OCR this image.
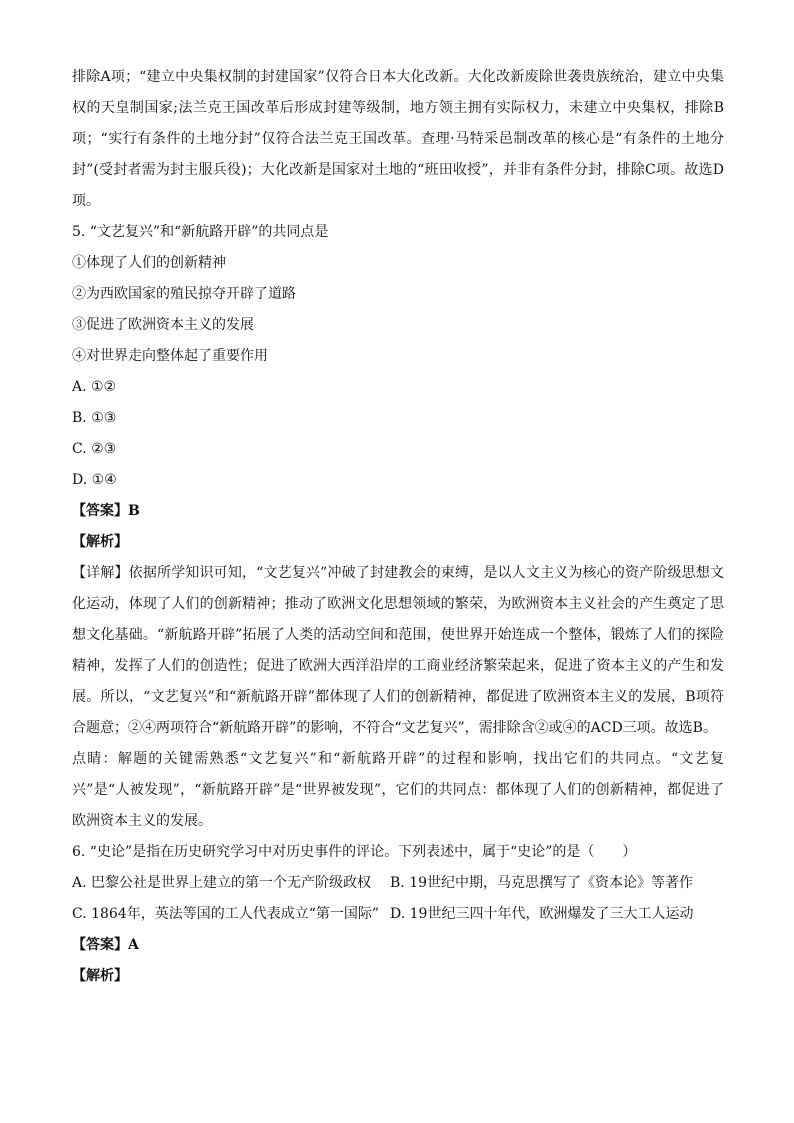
排除A项；“建立中央集权制的封建国家”仅符合日本大化改新。大化改新废除世袭贵族统治，建立中央集权的天皇制国家;法兰克王国改革后形成封建等级制，地方领主拥有实际权力，未建立中央集权，排除B项；“实行有条件的土地分封”仅符合法兰克王国改革。查理·马特采邑制改革的核心是“有条件的土地分封”(受封者需为封主服兵役)；大化改新是国家对土地的“班田收授”，并非有条件分封，排除C项。故选D项。
5. “文艺复兴”和“新航路开辟”的共同点是
①体现了人们的创新精神
②为西欧国家的殖民掠夺开辟了道路
③促进了欧洲资本主义的发展
④对世界走向整体起了重要作用
A. ①②
B. ①③
C. ②③
D. ①④
【答案】B
【解析】
【详解】依据所学知识可知，“文艺复兴”冲破了封建教会的束缚，是以人文主义为核心的资产阶级思想文化运动，体现了人们的创新精神；推动了欧洲文化思想领域的繁荣，为欧洲资本主义社会的产生奠定了思想文化基础。“新航路开辟”拓展了人类的活动空间和范围，使世界开始连成一个整体，锻炼了人们的探险精神，发挥了人们的创造性；促进了欧洲大西洋沿岸的工商业经济繁荣起来，促进了资本主义的产生和发展。所以，“文艺复兴”和“新航路开辟”都体现了人们的创新精神，都促进了欧洲资本主义的发展，B项符合题意；②④两项符合“新航路开辟”的影响，不符合“文艺复兴”，需排除含②或④的ACD三项。故选B。
点睛：解题的关键需熟悉“文艺复兴”和“新航路开辟”的过程和影响，找出它们的共同点。“文艺复兴”是“人被发现”，“新航路开辟”是“世界被发现”，它们的共同点：都体现了人们的创新精神，都促进了欧洲资本主义的发展。
6. “史论”是指在历史研究学习中对历史事件的评论。下列表述中，属于“史论”的是（　　）
A. 巴黎公社是世界上建立的第一个无产阶级政权 B. 19世纪中期，马克思撰写了《资本论》等著作
C. 1864年，英法等国的工人代表成立“第一国际” D. 19世纪三四十年代，欧洲爆发了三大工人运动
【答案】A
【解析】
